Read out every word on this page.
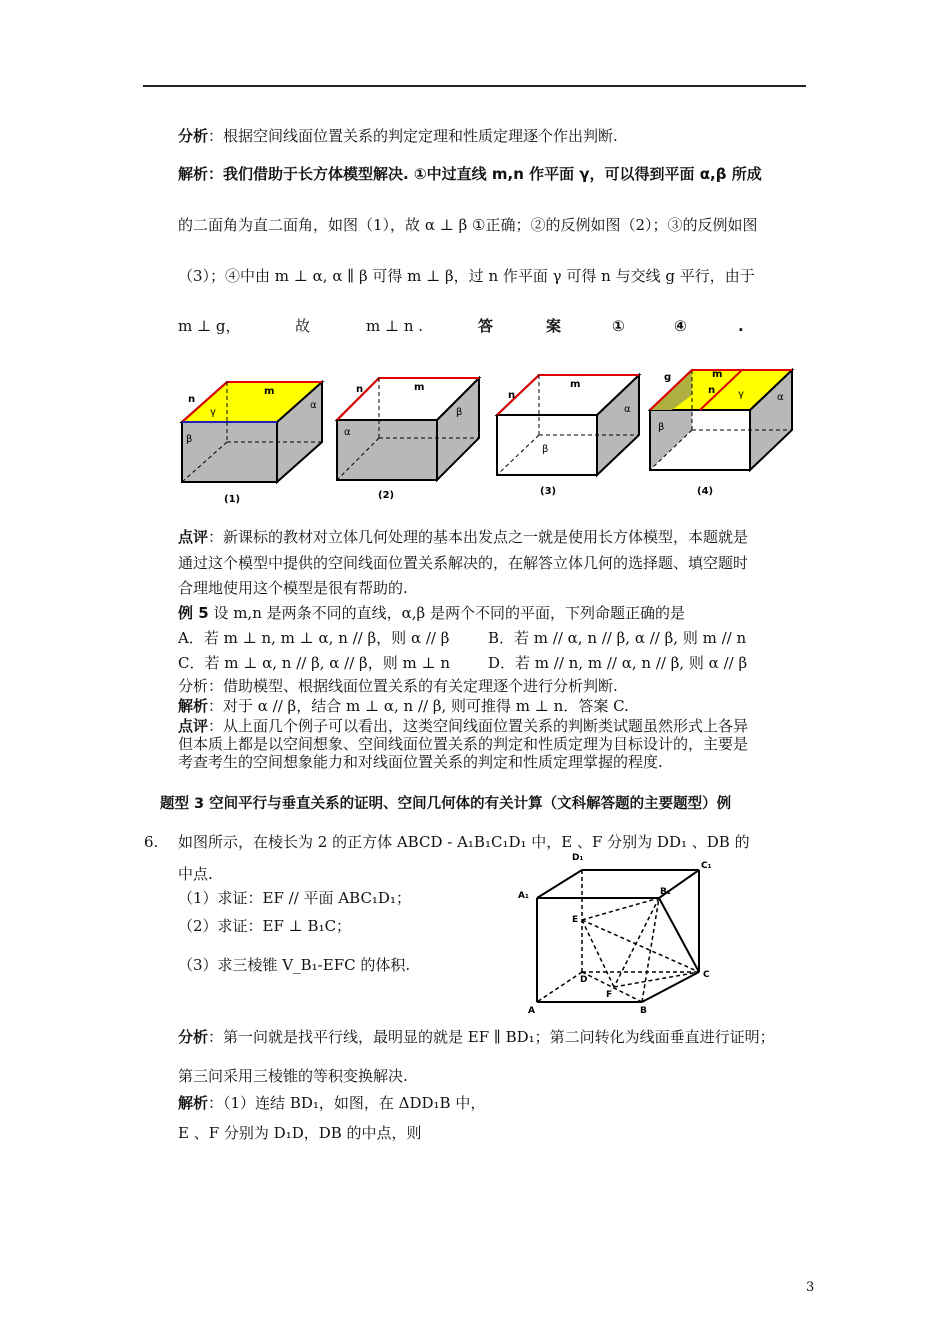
分析：根据空间线面位置关系的判定定理和性质定理逐个作出判断.
解析：我们借助于长方体模型解决. ①中过直线 m,n 作平面 γ，可以得到平面 α,β 所成
的二面角为直二面角，如图（1），故 α ⊥ β ①正确；②的反例如图（2）；③的反例如图
（3）；④中由 m ⊥ α, α ∥ β 可得 m ⊥ β，过 n 作平面 γ 可得 n 与交线 g 平行，由于
m ⊥ g，	故	m ⊥ n .	答	案	①	④	.
m
n
γ
α
β
(1)
m
n
α
β
(2)
m
n
α
β
(3)
g	m
n γ	α
β
(4)
点评：新课标的教材对立体几何处理的基本出发点之一就是使用长方体模型，本题就是
通过这个模型中提供的空间线面位置关系解决的，在解答立体几何的选择题、填空题时
合理地使用这个模型是很有帮助的.
例 5 设 m,n 是两条不同的直线，α,β 是两个不同的平面，下列命题正确的是
A．若 m ⊥ n, m ⊥ α, n // β，则 α // β	B．若 m // α, n // β, α // β, 则 m // n
C．若 m ⊥ α, n // β, α // β，则 m ⊥ n	D．若 m // n, m // α, n // β, 则 α // β
分析：借助模型、根据线面位置关系的有关定理逐个进行分析判断.
解析：对于 α // β，结合 m ⊥ α, n // β, 则可推得 m ⊥ n．答案 C.
点评：从上面几个例子可以看出，这类空间线面位置关系的判断类试题虽然形式上各异
但本质上都是以空间想象、空间线面位置关系的判定和性质定理为目标设计的，主要是
考查考生的空间想象能力和对线面位置关系的判定和性质定理掌握的程度.
题型 3 空间平行与垂直关系的证明、空间几何体的有关计算（文科解答题的主要题型）例
6. 如图所示，在棱长为 2 的正方体 ABCD - A₁B₁C₁D₁ 中，E 、F 分别为 DD₁ 、DB 的
中点.
（1）求证：EF // 平面 ABC₁D₁；
（2）求证：EF ⊥ B₁C；
（3）求三棱锥 V_B₁-EFC 的体积.
D₁
C₁
A₁	B₁
E
D	C
F
A	B
分析：第一问就是找平行线，最明显的就是 EF ∥ BD₁；第二问转化为线面垂直进行证明；
第三问采用三棱锥的等积变换解决.
解析：（1）连结 BD₁，如图，在 ΔDD₁B 中，
E 、F 分别为 D₁D，DB 的中点，则
3
